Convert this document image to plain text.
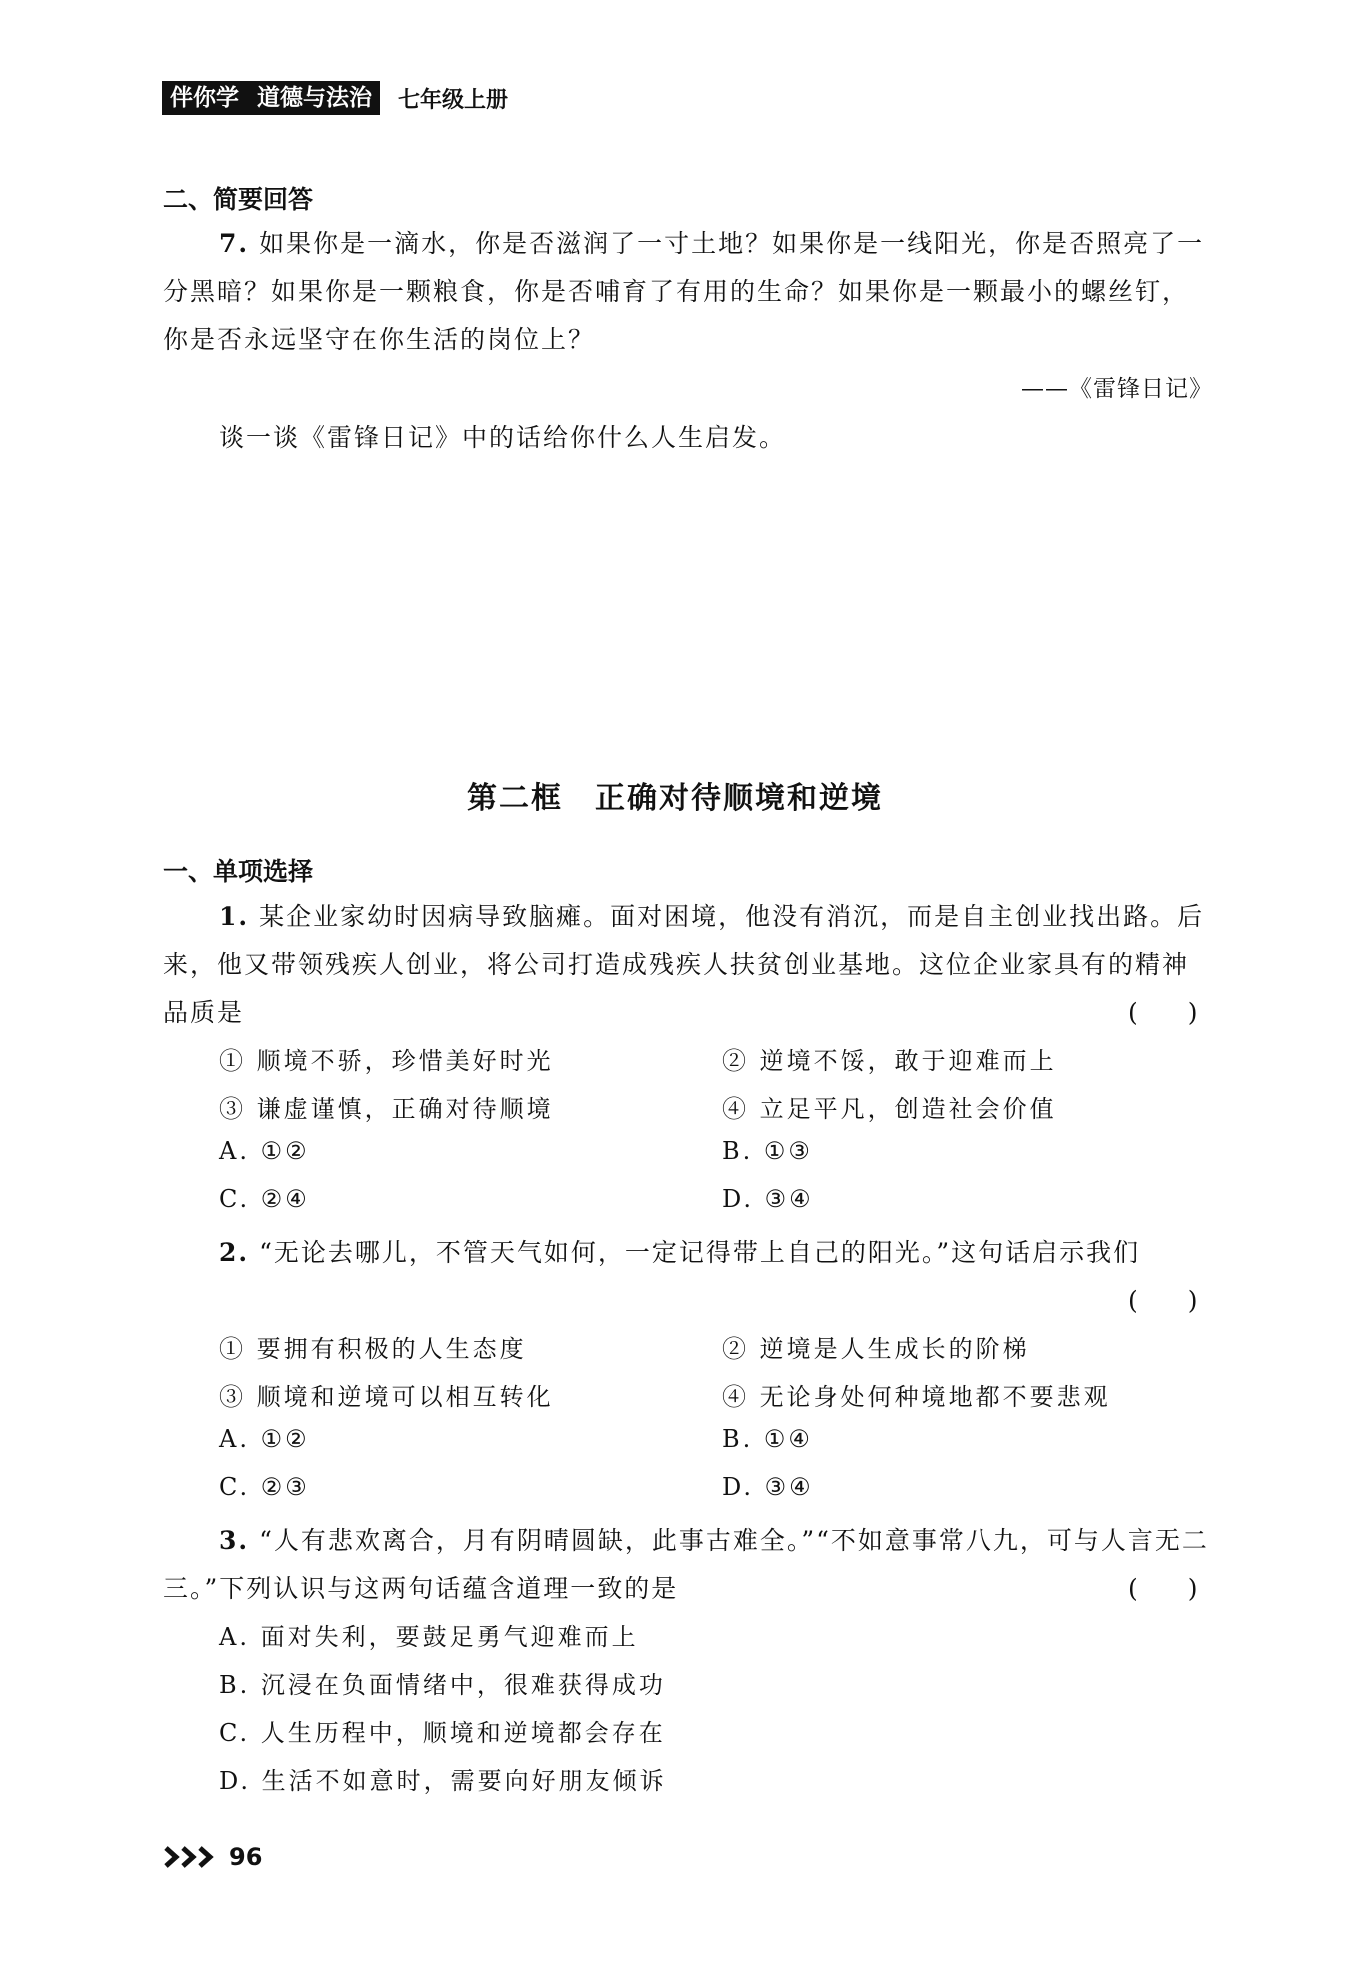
伴你学 道德与法治 七年级上册
二、简要回答
7. 如果你是一滴水，你是否滋润了一寸土地？如果你是一线阳光，你是否照亮了一
分黑暗？如果你是一颗粮食，你是否哺育了有用的生命？如果你是一颗最小的螺丝钉，
你是否永远坚守在你生活的岗位上？
——《雷锋日记》
谈一谈《雷锋日记》中的话给你什么人生启发。
第二框　正确对待顺境和逆境
一、单项选择
1. 某企业家幼时因病导致脑瘫。面对困境，他没有消沉，而是自主创业找出路。后
来，他又带领残疾人创业，将公司打造成残疾人扶贫创业基地。这位企业家具有的精神
品质是	(　　)
① 顺境不骄，珍惜美好时光	② 逆境不馁，敢于迎难而上
③ 谦虚谨慎，正确对待顺境	④ 立足平凡，创造社会价值
A. ①②	B. ①③
C. ②④	D. ③④
2. “无论去哪儿，不管天气如何，一定记得带上自己的阳光。”这句话启示我们
(　　)
① 要拥有积极的人生态度	② 逆境是人生成长的阶梯
③ 顺境和逆境可以相互转化	④ 无论身处何种境地都不要悲观
A. ①②	B. ①④
C. ②③	D. ③④
3. “人有悲欢离合，月有阴晴圆缺，此事古难全。”“不如意事常八九，可与人言无二
三。”下列认识与这两句话蕴含道理一致的是	(　　)
A. 面对失利，要鼓足勇气迎难而上
B. 沉浸在负面情绪中，很难获得成功
C. 人生历程中，顺境和逆境都会存在
D. 生活不如意时，需要向好朋友倾诉
96
